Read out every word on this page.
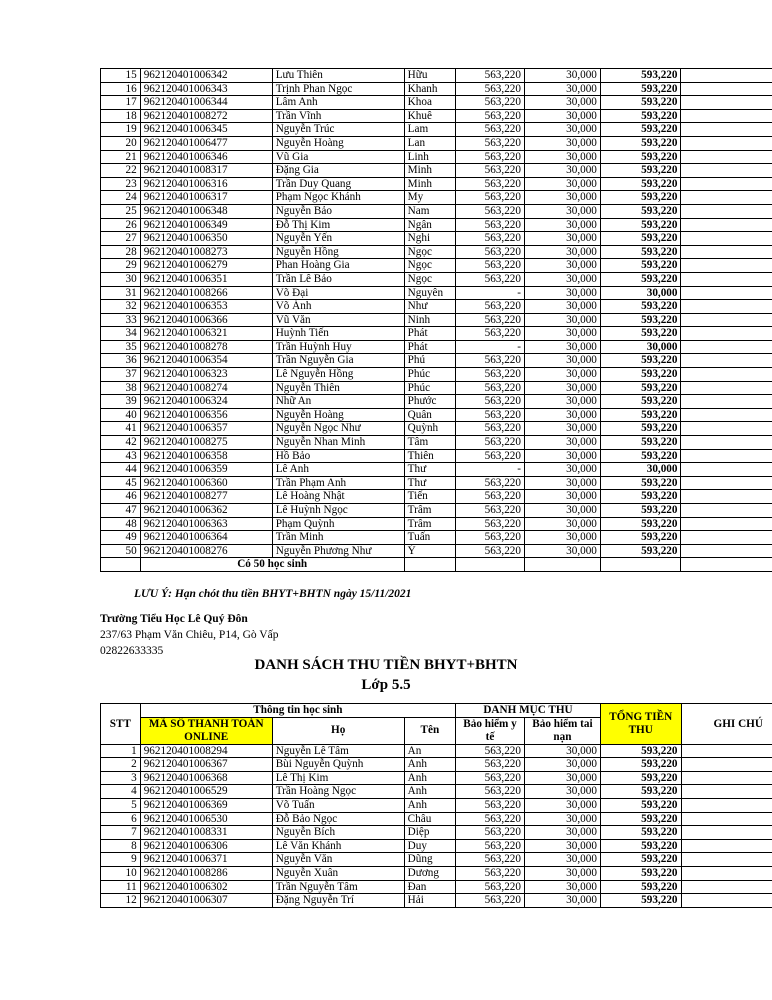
15	962120401006342	Lưu Thiên	Hữu	563,220	30,000	593,220	
16	962120401006343	Trịnh Phan Ngọc	Khanh	563,220	30,000	593,220	
17	962120401006344	Lâm Anh	Khoa	563,220	30,000	593,220	
18	962120401008272	Trần Vĩnh	Khuê	563,220	30,000	593,220	
19	962120401006345	Nguyễn Trúc	Lam	563,220	30,000	593,220	
20	962120401006477	Nguyễn Hoàng	Lan	563,220	30,000	593,220	
21	962120401006346	Vũ Gia	Linh	563,220	30,000	593,220	
22	962120401008317	Đặng Gia	Minh	563,220	30,000	593,220	
23	962120401006316	Trần Duy Quang	Minh	563,220	30,000	593,220	
24	962120401006317	Phạm Ngọc Khánh	My	563,220	30,000	593,220	
25	962120401006348	Nguyễn Bảo	Nam	563,220	30,000	593,220	
26	962120401006349	Đỗ Thị Kim	Ngân	563,220	30,000	593,220	
27	962120401006350	Nguyễn Yến	Nghi	563,220	30,000	593,220	
28	962120401008273	Nguyễn Hồng	Ngọc	563,220	30,000	593,220	
29	962120401006279	Phan Hoàng Gia	Ngọc	563,220	30,000	593,220	
30	962120401006351	Trần Lê Bảo	Ngọc	563,220	30,000	593,220	
31	962120401008266	Võ Đại	Nguyên	-	30,000	30,000	
32	962120401006353	Võ Ánh	Như	563,220	30,000	593,220	
33	962120401006366	Vũ Văn	Ninh	563,220	30,000	593,220	
34	962120401006321	Huỳnh Tiến	Phát	563,220	30,000	593,220	
35	962120401008278	Trần Huỳnh Huy	Phát	-	30,000	30,000	
36	962120401006354	Trần Nguyễn Gia	Phú	563,220	30,000	593,220	
37	962120401006323	Lê Nguyễn Hồng	Phúc	563,220	30,000	593,220	
38	962120401008274	Nguyễn Thiên	Phúc	563,220	30,000	593,220	
39	962120401006324	Nhữ An	Phước	563,220	30,000	593,220	
40	962120401006356	Nguyễn Hoàng	Quân	563,220	30,000	593,220	
41	962120401006357	Nguyễn Ngọc Như	Quỳnh	563,220	30,000	593,220	
42	962120401008275	Nguyễn Nhan Minh	Tâm	563,220	30,000	593,220	
43	962120401006358	Hồ Bảo	Thiên	563,220	30,000	593,220	
44	962120401006359	Lê Anh	Thư	-	30,000	30,000	
45	962120401006360	Trần Phạm Anh	Thư	563,220	30,000	593,220	
46	962120401008277	Lê Hoàng Nhật	Tiến	563,220	30,000	593,220	
47	962120401006362	Lê Huỳnh Ngọc	Trâm	563,220	30,000	593,220	
48	962120401006363	Phạm Quỳnh	Trâm	563,220	30,000	593,220	
49	962120401006364	Trần Minh	Tuấn	563,220	30,000	593,220	
50	962120401008276	Nguyễn Phương Như	Ý	563,220	30,000	593,220	
	Có 50 học sinh						
LƯU Ý: Hạn chót thu tiền BHYT+BHTN ngày 15/11/2021
Trường Tiểu Học Lê Quý Đôn
237/63 Phạm Văn Chiêu, P14, Gò Vấp
02822633335
DANH SÁCH THU TIỀN BHYT+BHTN
Lớp 5.5
STT	Thông tin học sinh			DANH MỤC THU		TỔNG TIỀN THU	GHI CHÚ
	MÃ SỐ THANH TOÁN ONLINE	Họ	Tên	Bảo hiểm y tế	Bảo hiểm tai nạn		

1	962120401008294	Nguyễn Lê Tâm	An	563,220	30,000	593,220	
2	962120401006367	Bùi Nguyễn Quỳnh	Anh	563,220	30,000	593,220	
3	962120401006368	Lê Thị Kim	Anh	563,220	30,000	593,220	
4	962120401006529	Trần Hoàng Ngọc	Anh	563,220	30,000	593,220	
5	962120401006369	Võ Tuấn	Anh	563,220	30,000	593,220	
6	962120401006530	Đỗ Bảo Ngọc	Châu	563,220	30,000	593,220	
7	962120401008331	Nguyễn Bích	Diệp	563,220	30,000	593,220	
8	962120401006306	Lê Văn Khánh	Duy	563,220	30,000	593,220	
9	962120401006371	Nguyễn Văn	Dũng	563,220	30,000	593,220	
10	962120401008286	Nguyễn Xuân	Dương	563,220	30,000	593,220	
11	962120401006302	Trần Nguyễn Tâm	Đan	563,220	30,000	593,220	
12	962120401006307	Đặng Nguyễn Trí	Hải	563,220	30,000	593,220	
